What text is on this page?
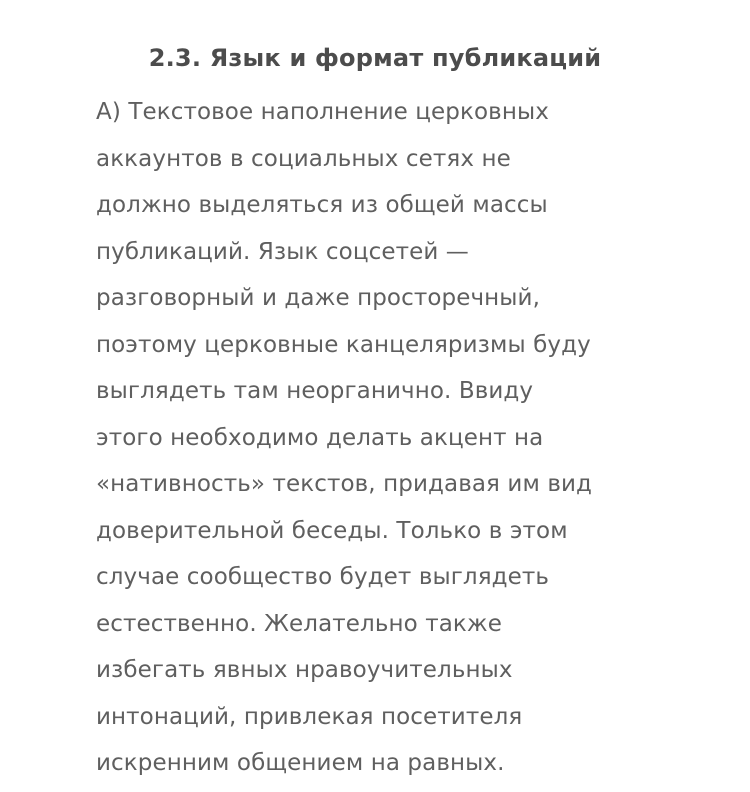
2.3. Язык и формат публикаций
А) Текстовое наполнение церковных
аккаунтов в социальных сетях не
должно выделяться из общей массы
публикаций. Язык соцсетей —
разговорный и даже просторечный,
поэтому церковные канцеляризмы буду
выглядеть там неорганично. Ввиду
этого необходимо делать акцент на
«нативность» текстов, придавая им вид
доверительной беседы. Только в этом
случае сообщество будет выглядеть
естественно. Желательно также
избегать явных нравоучительных
интонаций, привлекая посетителя
искренним общением на равных.
